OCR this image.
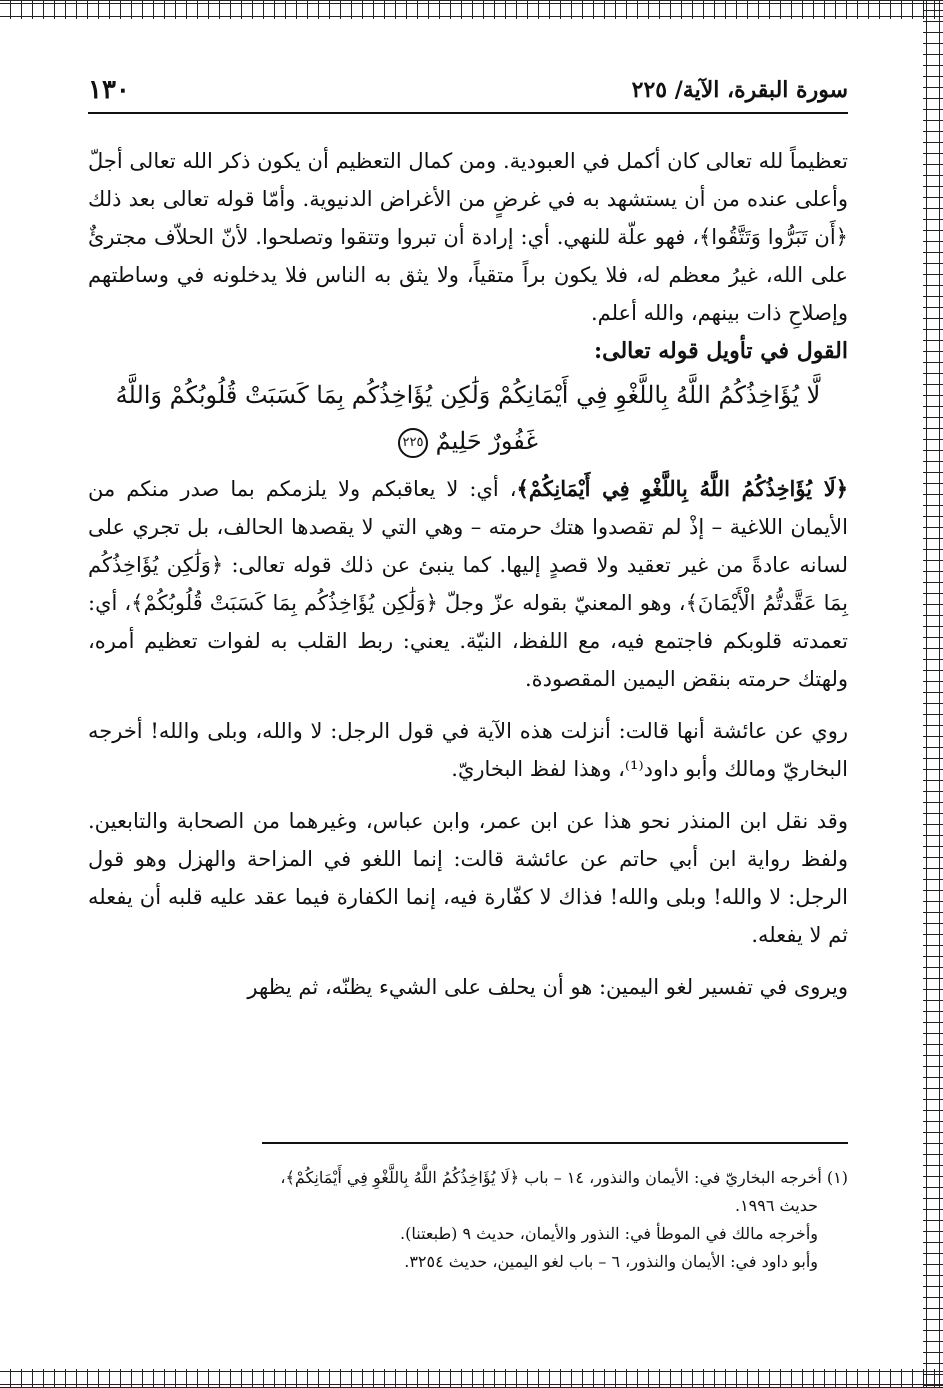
سورة البقرة، الآية/ ٢٢٥
١٣٠

تعظيماً لله تعالى كان أكمل في العبودية. ومن كمال التعظيم أن يكون ذكر الله تعالى أجلّ وأعلى عنده من أن يستشهد به في غرضٍ من الأغراض الدنيوية. وأمّا قوله تعالى بعد ذلك ﴿أَن تَبَرُّوا وَتَتَّقُوا﴾، فهو علّة للنهي. أي: إرادة أن تبروا وتتقوا وتصلحوا. لأنّ الحلاّف مجترئٌ على الله، غيرُ معظم له، فلا يكون براً متقياً، ولا يثق به الناس فلا يدخلونه في وساطتهم وإصلاحِ ذات بينهم، والله أعلم.

القول في تأويل قوله تعالى:
لَّا يُؤَاخِذُكُمُ اللَّهُ بِاللَّغْوِ فِي أَيْمَانِكُمْ وَلَٰكِن يُؤَاخِذُكُم بِمَا كَسَبَتْ قُلُوبُكُمْ وَاللَّهُ غَفُورٌ حَلِيمٌ ٢٢٥

﴿لَا يُؤَاخِذُكُمُ اللَّهُ بِاللَّغْوِ فِي أَيْمَانِكُمْ﴾، أي: لا يعاقبكم ولا يلزمكم بما صدر منكم من الأيمان اللاغية – إذْ لم تقصدوا هتك حرمته – وهي التي لا يقصدها الحالف، بل تجري على لسانه عادةً من غير تعقيد ولا قصدٍ إليها. كما ينبئ عن ذلك قوله تعالى: ﴿وَلَٰكِن يُؤَاخِذُكُم بِمَا عَقَّدتُّمُ الْأَيْمَانَ﴾، وهو المعنيّ بقوله عزّ وجلّ ﴿وَلَٰكِن يُؤَاخِذُكُم بِمَا كَسَبَتْ قُلُوبُكُمْ﴾، أي: تعمدته قلوبكم فاجتمع فيه، مع اللفظ، النيّة. يعني: ربط القلب به لفوات تعظيم أمره، ولهتك حرمته بنقض اليمين المقصودة.

روي عن عائشة أنها قالت: أنزلت هذه الآية في قول الرجل: لا والله، وبلى والله! أخرجه البخاريّ ومالك وأبو داود⁽¹⁾، وهذا لفظ البخاريّ.

وقد نقل ابن المنذر نحو هذا عن ابن عمر، وابن عباس، وغيرهما من الصحابة والتابعين. ولفظ رواية ابن أبي حاتم عن عائشة قالت: إنما اللغو في المزاحة والهزل وهو قول الرجل: لا والله! وبلى والله! فذاك لا كفّارة فيه، إنما الكفارة فيما عقد عليه قلبه أن يفعله ثم لا يفعله.

ويروى في تفسير لغو اليمين: هو أن يحلف على الشيء يظنّه، ثم يظهر

(١) أخرجه البخاريّ في: الأيمان والنذور، ١٤ – باب ﴿لَا يُؤَاخِذُكُمُ اللَّهُ بِاللَّغْوِ فِي أَيْمَانِكُمْ﴾،

حديث ١٩٩٦.

وأخرجه مالك في الموطأ في: النذور والأيمان، حديث ٩ (طبعتنا).

وأبو داود في: الأيمان والنذور، ٦ – باب لغو اليمين، حديث ٣٢٥٤.
